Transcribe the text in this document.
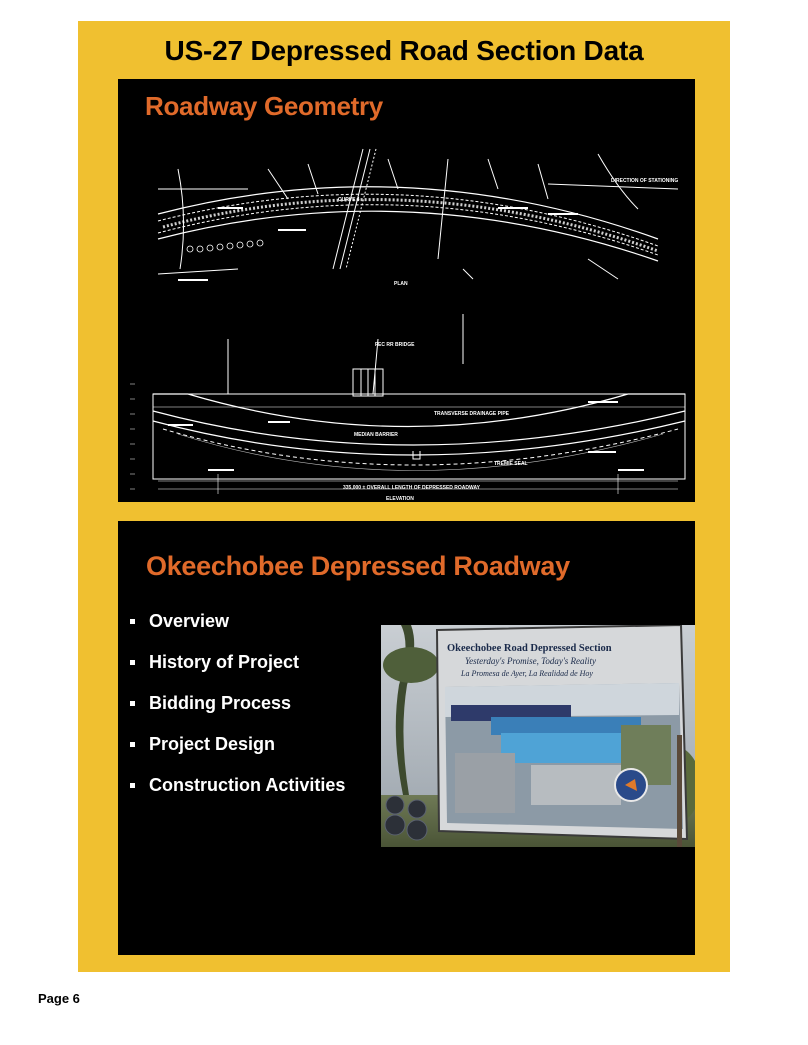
US-27 Depressed Road Section Data
Roadway Geometry
CURVE 4
DIRECTION OF STATIONING
PLAN
FEC RR BRIDGE
MEDIAN BARRIER
TRANSVERSE DRAINAGE PIPE
TREMIE SEAL
335,000 ± OVERALL LENGTH OF DEPRESSED ROADWAY
ELEVATION
Okeechobee Depressed Roadway
Overview
History of Project
Bidding Process
Project Design
Construction Activities
Okeechobee Road Depressed Section
Yesterday's Promise, Today's Reality
La Promesa de Ayer, La Realidad de Hoy
Page 6
